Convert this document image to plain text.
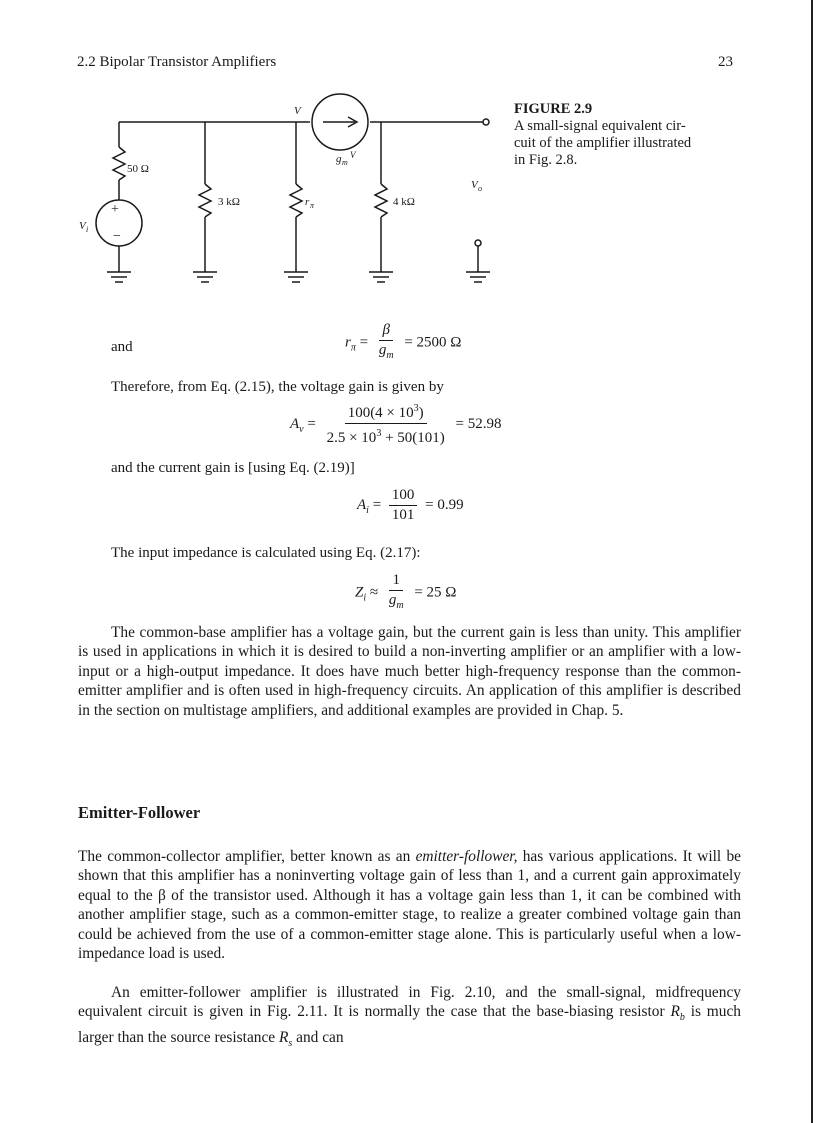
2.2 Bipolar Transistor Amplifiers	23
50 Ω
3 kΩ	4 kΩ
+
−
V i
r π
V
g m
V
V o
FIGURE 2.9
A small-signal equivalent cir-
cuit of the amplifier illustrated
in Fig. 2.8.
and	$r_\pi = \frac{\beta}{g_m} = 2500$ Ω
Therefore, from Eq. (2.15), the voltage gain is given by
$A_v = \frac{100(4 \times 10^3)}{2.5 \times 10^3 + 50(101)} = 52.98$
and the current gain is [using Eq. (2.19)]
$A_i = \frac{100}{101} = 0.99$
The input impedance is calculated using Eq. (2.17):
$Z_i \approx \frac{1}{g_m} = 25$ Ω
The common-base amplifier has a voltage gain, but the current gain is less than unity. This amplifier is used in applications in which it is desired to build a non-inverting amplifier or an amplifier with a low-input or a high-output impedance. It does have much better high-frequency response than the common-emitter amplifier and is often used in high-frequency circuits. An application of this amplifier is described in the section on multistage amplifiers, and additional examples are provided in Chap. 5.
Emitter-Follower
The common-collector amplifier, better known as an emitter-follower, has various applications. It will be shown that this amplifier has a noninverting voltage gain of less than 1, and a current gain approximately equal to the β of the transistor used. Although it has a voltage gain less than 1, it can be combined with another amplifier stage, such as a common-emitter stage, to realize a greater combined voltage gain than could be achieved from the use of a common-emitter stage alone. This is particularly useful when a low-impedance load is used.
An emitter-follower amplifier is illustrated in Fig. 2.10, and the small-signal, midfrequency equivalent circuit is given in Fig. 2.11. It is normally the case that the base-biasing resistor $R_b$ is much larger than the source resistance $R_s$ and can
